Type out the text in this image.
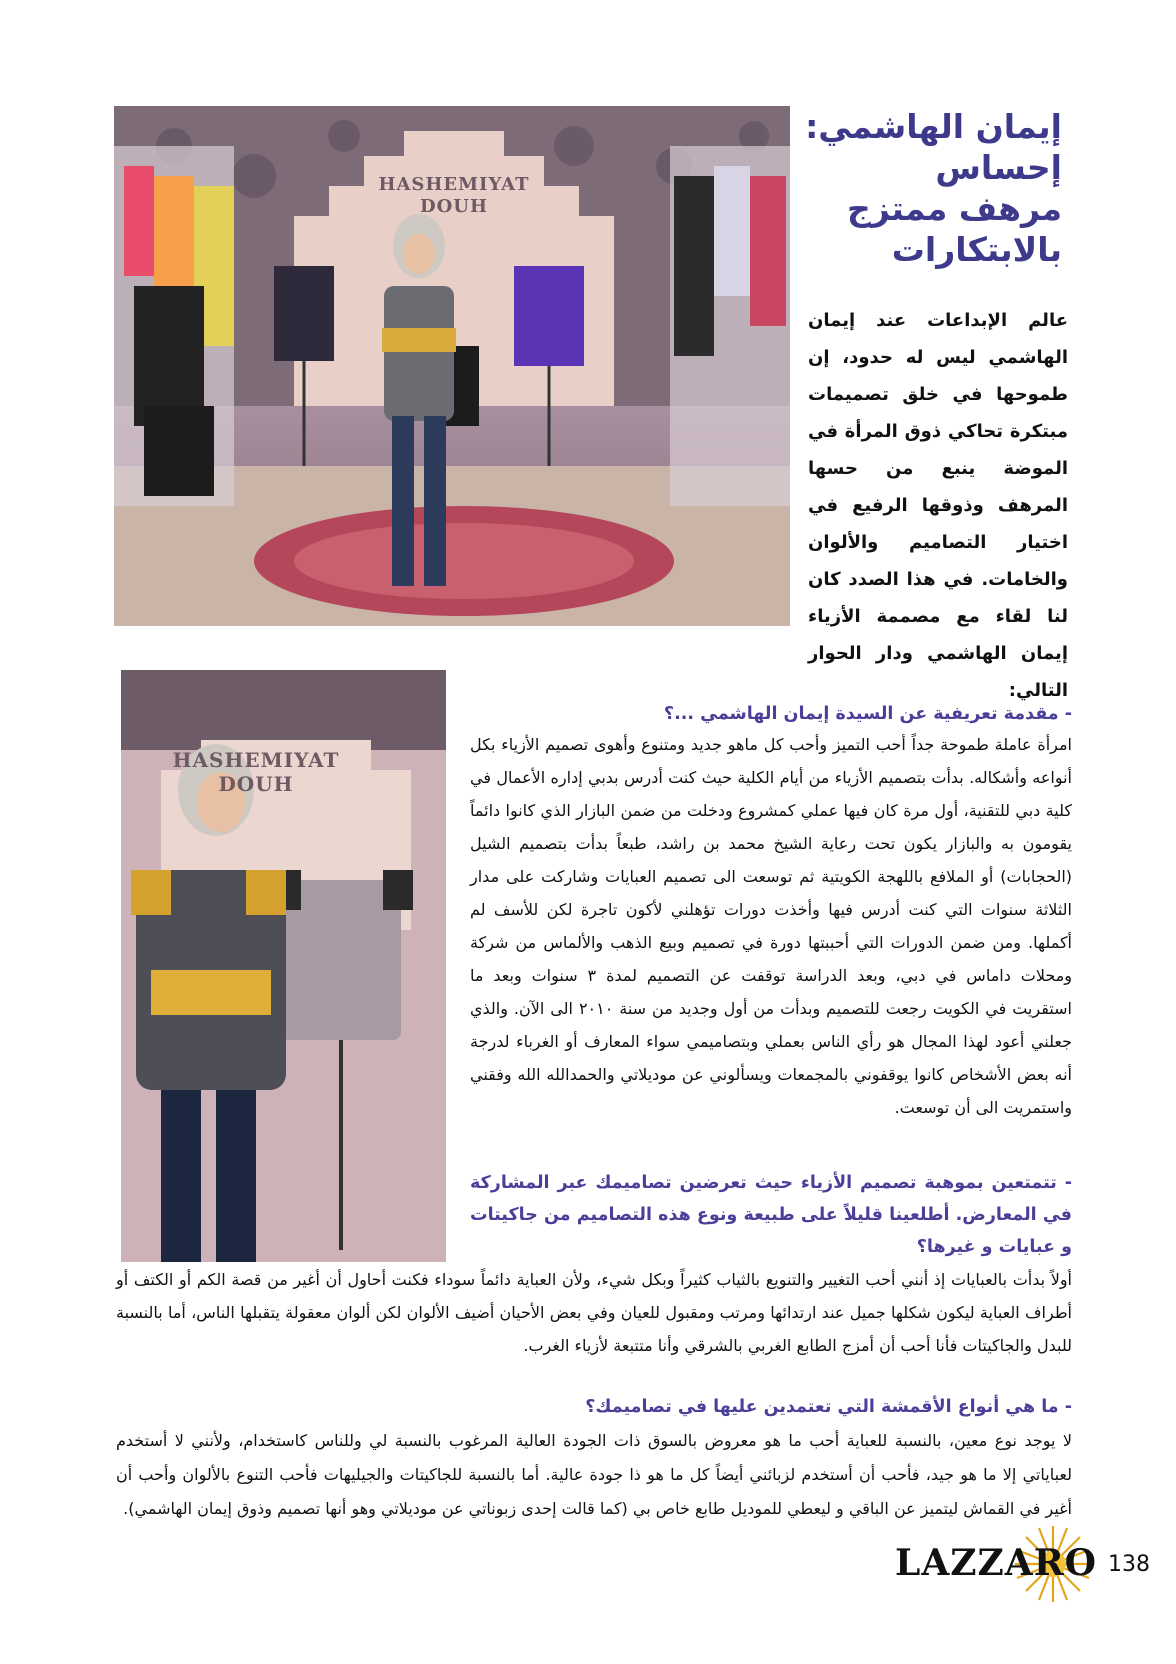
HASHEMIYAT DOUH
إيمان الهاشمي:
إحساس
مرهف ممتزج
بالابتكارات
عالم الإبداعات عند إيمان الهاشمي ليس له حدود، إن طموحها في خلق تصميمات مبتكرة تحاكي ذوق المرأة في الموضة ينبع من حسها المرهف وذوقها الرفيع في اختيار التصاميم والألوان والخامات. في هذا الصدد كان لنا لقاء مع مصممة الأزياء إيمان الهاشمي ودار الحوار التالي:
HASHEMIYAT DOUH
- مقدمة تعريفية عن السيدة إيمان الهاشمي ...؟
امرأة عاملة طموحة جداً أحب التميز وأحب كل ماهو جديد ومتنوع وأهوى تصميم الأزياء بكل أنواعه وأشكاله. بدأت بتصميم الأزياء من أيام الكلية حيث كنت أدرس بدبي إداره الأعمال في كلية دبي للتقنية، أول مرة كان فيها عملي كمشروع ودخلت من ضمن البازار الذي كانوا دائماً يقومون به والبازار يكون تحت رعاية الشيخ محمد بن راشد، طبعاً بدأت بتصميم الشيل (الحجابات) أو الملافع باللهجة الكويتية ثم توسعت الى تصميم العبايات وشاركت على مدار الثلاثة سنوات التي كنت أدرس فيها وأخذت دورات تؤهلني لأكون تاجرة لكن للأسف لم أكملها. ومن ضمن الدورات التي أحببتها دورة في تصميم وبيع الذهب والألماس من شركة ومحلات داماس في دبي، وبعد الدراسة توقفت عن التصميم لمدة ٣ سنوات وبعد ما استقريت في الكويت رجعت للتصميم وبدأت من أول وجديد من سنة ٢٠١٠ الى الآن. والذي جعلني أعود لهذا المجال هو رأي الناس بعملي وبتصاميمي سواء المعارف أو الغرباء لدرجة أنه بعض الأشخاص كانوا يوقفوني بالمجمعات ويسألوني عن موديلاتي والحمدالله الله وفقني واستمريت الى أن توسعت.
- تتمتعين بموهبة تصميم الأزياء حيث تعرضين تصاميمك عبر المشاركة في المعارض. أطلعينا قليلاً على طبيعة ونوع هذه التصاميم من جاكيتات و عبايات و غيرها؟
أولاً بدأت بالعبايات إذ أنني أحب التغيير والتنويع بالثياب كثيراً وبكل شيء، ولأن العباية دائماً سوداء فكنت أحاول أن أغير من قصة الكم أو الكتف أو أطراف العباية ليكون شكلها جميل عند ارتدائها ومرتب ومقبول للعيان وفي بعض الأحيان أضيف الألوان لكن ألوان معقولة يتقبلها الناس، أما بالنسبة للبدل والجاكيتات فأنا أحب أن أمزج الطابع الغربي بالشرقي وأنا متتبعة لأزياء الغرب.
- ما هي أنواع الأقمشة التي تعتمدين عليها في تصاميمك؟
لا يوجد نوع معين، بالنسبة للعباية أحب ما هو معروض بالسوق ذات الجودة العالية المرغوب بالنسبة لي وللناس كاستخدام، ولأنني لا أستخدم لعباياتي إلا ما هو جيد، فأحب أن أستخدم لزبائني أيضاً كل ما هو ذا جودة عالية. أما بالنسبة للجاكيتات والجيليهات فأحب التنوع بالألوان وأحب أن أغير في القماش ليتميز عن الباقي و ليعطي للموديل طابع خاص بي (كما قالت إحدى زبوناتي عن موديلاتي وهو أنها تصميم وذوق إيمان الهاشمي).
LAZZARO 138
